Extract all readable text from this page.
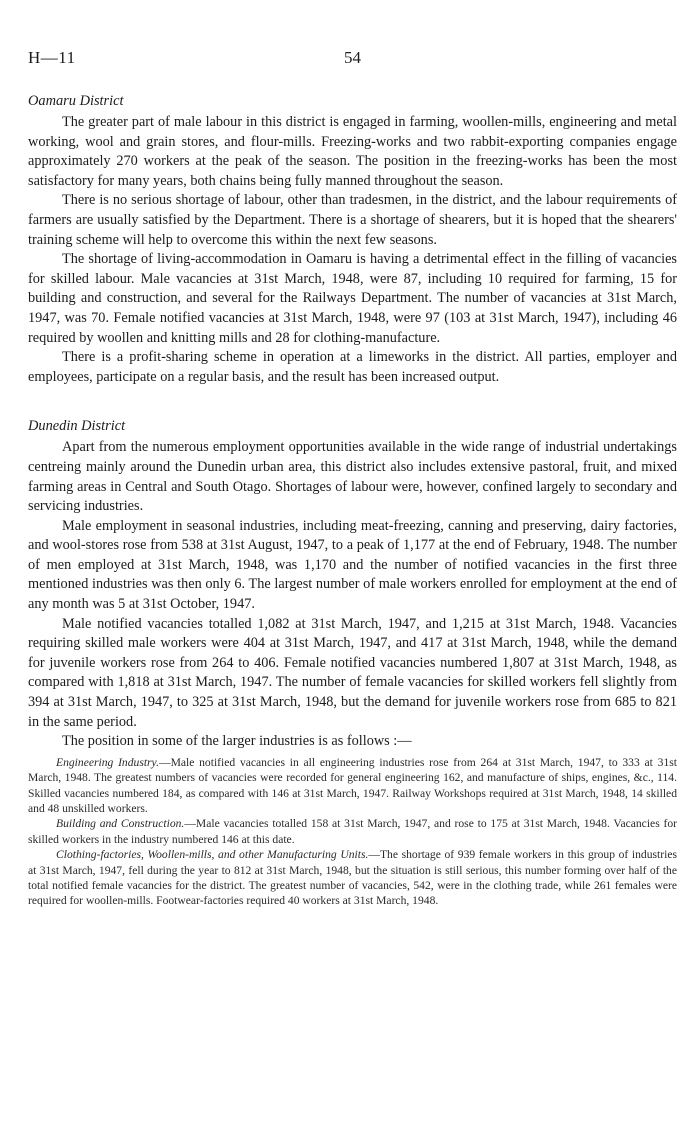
H—11	54
Oamaru District

The greater part of male labour in this district is engaged in farming, woollen-mills, engineering and metal working, wool and grain stores, and flour-mills. Freezing-works and two rabbit-exporting companies engage approximately 270 workers at the peak of the season. The position in the freezing-works has been the most satisfactory for many years, both chains being fully manned throughout the season.

There is no serious shortage of labour, other than tradesmen, in the district, and the labour requirements of farmers are usually satisfied by the Department. There is a shortage of shearers, but it is hoped that the shearers' training scheme will help to overcome this within the next few seasons.

The shortage of living-accommodation in Oamaru is having a detrimental effect in the filling of vacancies for skilled labour. Male vacancies at 31st March, 1948, were 87, including 10 required for farming, 15 for building and construction, and several for the Railways Department. The number of vacancies at 31st March, 1947, was 70. Female notified vacancies at 31st March, 1948, were 97 (103 at 31st March, 1947), including 46 required by woollen and knitting mills and 28 for clothing-manufacture.

There is a profit-sharing scheme in operation at a limeworks in the district. All parties, employer and employees, participate on a regular basis, and the result has been increased output.

Dunedin District

Apart from the numerous employment opportunities available in the wide range of industrial undertakings centreing mainly around the Dunedin urban area, this district also includes extensive pastoral, fruit, and mixed farming areas in Central and South Otago. Shortages of labour were, however, confined largely to secondary and servicing industries.

Male employment in seasonal industries, including meat-freezing, canning and preserving, dairy factories, and wool-stores rose from 538 at 31st August, 1947, to a peak of 1,177 at the end of February, 1948. The number of men employed at 31st March, 1948, was 1,170 and the number of notified vacancies in the first three mentioned industries was then only 6. The largest number of male workers enrolled for employment at the end of any month was 5 at 31st October, 1947.

Male notified vacancies totalled 1,082 at 31st March, 1947, and 1,215 at 31st March, 1948. Vacancies requiring skilled male workers were 404 at 31st March, 1947, and 417 at 31st March, 1948, while the demand for juvenile workers rose from 264 to 406. Female notified vacancies numbered 1,807 at 31st March, 1948, as compared with 1,818 at 31st March, 1947. The number of female vacancies for skilled workers fell slightly from 394 at 31st March, 1947, to 325 at 31st March, 1948, but the demand for juvenile workers rose from 685 to 821 in the same period.

The position in some of the larger industries is as follows :—

Engineering Industry.—Male notified vacancies in all engineering industries rose from 264 at 31st March, 1947, to 333 at 31st March, 1948. The greatest numbers of vacancies were recorded for general engineering 162, and manufacture of ships, engines, &c., 114. Skilled vacancies numbered 184, as compared with 146 at 31st March, 1947. Railway Workshops required at 31st March, 1948, 14 skilled and 48 unskilled workers.

Building and Construction.—Male vacancies totalled 158 at 31st March, 1947, and rose to 175 at 31st March, 1948. Vacancies for skilled workers in the industry numbered 146 at this date.

Clothing-factories, Woollen-mills, and other Manufacturing Units.—The shortage of 939 female workers in this group of industries at 31st March, 1947, fell during the year to 812 at 31st March, 1948, but the situation is still serious, this number forming over half of the total notified female vacancies for the district. The greatest number of vacancies, 542, were in the clothing trade, while 261 females were required for woollen-mills. Footwear-factories required 40 workers at 31st March, 1948.
